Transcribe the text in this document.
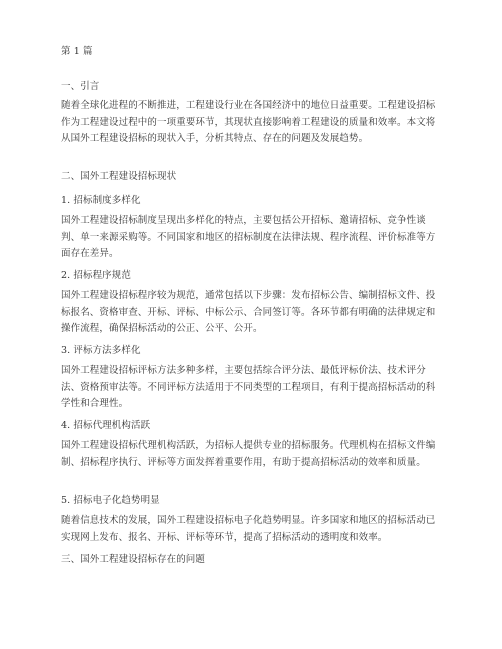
第 1 篇
一、引言
随着全球化进程的不断推进，工程建设行业在各国经济中的地位日益重要。工程建设招标作为工程建设过程中的一项重要环节，其现状直接影响着工程建设的质量和效率。本文将从国外工程建设招标的现状入手，分析其特点、存在的问题及发展趋势。
二、国外工程建设招标现状
1. 招标制度多样化
国外工程建设招标制度呈现出多样化的特点，主要包括公开招标、邀请招标、竞争性谈判、单一来源采购等。不同国家和地区的招标制度在法律法规、程序流程、评价标准等方面存在差异。
2. 招标程序规范
国外工程建设招标程序较为规范，通常包括以下步骤：发布招标公告、编制招标文件、投标报名、资格审查、开标、评标、中标公示、合同签订等。各环节都有明确的法律规定和操作流程，确保招标活动的公正、公平、公开。
3. 评标方法多样化
国外工程建设招标评标方法多种多样，主要包括综合评分法、最低评标价法、技术评分法、资格预审法等。不同评标方法适用于不同类型的工程项目，有利于提高招标活动的科学性和合理性。
4. 招标代理机构活跃
国外工程建设招标代理机构活跃，为招标人提供专业的招标服务。代理机构在招标文件编制、招标程序执行、评标等方面发挥着重要作用，有助于提高招标活动的效率和质量。
5. 招标电子化趋势明显
随着信息技术的发展，国外工程建设招标电子化趋势明显。许多国家和地区的招标活动已实现网上发布、报名、开标、评标等环节，提高了招标活动的透明度和效率。
三、国外工程建设招标存在的问题
